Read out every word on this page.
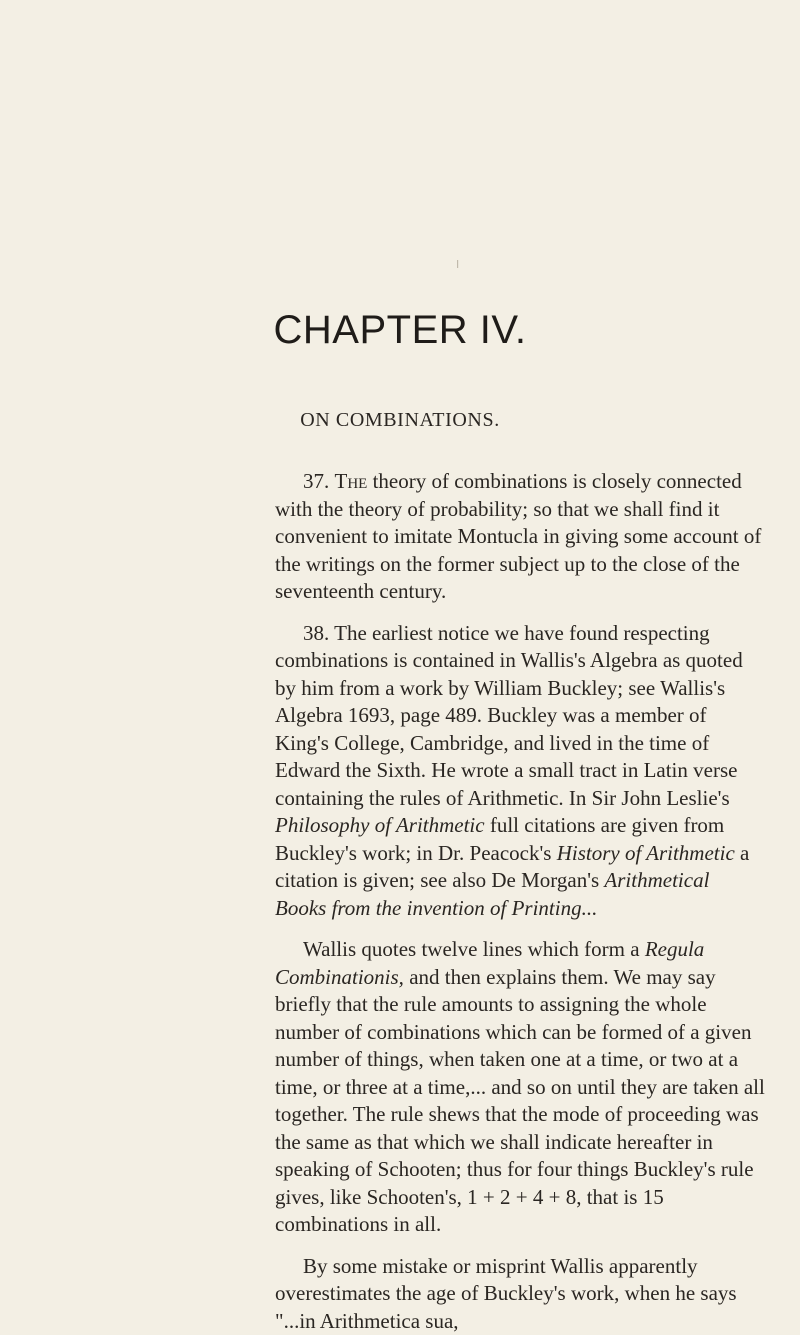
I
CHAPTER IV.
ON COMBINATIONS.

37. The theory of combinations is closely connected with the theory of probability; so that we shall find it convenient to imitate Montucla in giving some account of the writings on the former subject up to the close of the seventeenth century.

38. The earliest notice we have found respecting combinations is contained in Wallis's Algebra as quoted by him from a work by William Buckley; see Wallis's Algebra 1693, page 489. Buckley was a member of King's College, Cambridge, and lived in the time of Edward the Sixth. He wrote a small tract in Latin verse containing the rules of Arithmetic. In Sir John Leslie's Philosophy of Arithmetic full citations are given from Buckley's work; in Dr. Peacock's History of Arithmetic a citation is given; see also De Morgan's Arithmetical Books from the invention of Printing...

Wallis quotes twelve lines which form a Regula Combinationis, and then explains them. We may say briefly that the rule amounts to assigning the whole number of combinations which can be formed of a given number of things, when taken one at a time, or two at a time, or three at a time,... and so on until they are taken all together. The rule shews that the mode of proceeding was the same as that which we shall indicate hereafter in speaking of Schooten; thus for four things Buckley's rule gives, like Schooten's, 1 + 2 + 4 + 8, that is 15 combinations in all.

By some mistake or misprint Wallis apparently overestimates the age of Buckley's work, when he says "...in Arithmetica sua,
